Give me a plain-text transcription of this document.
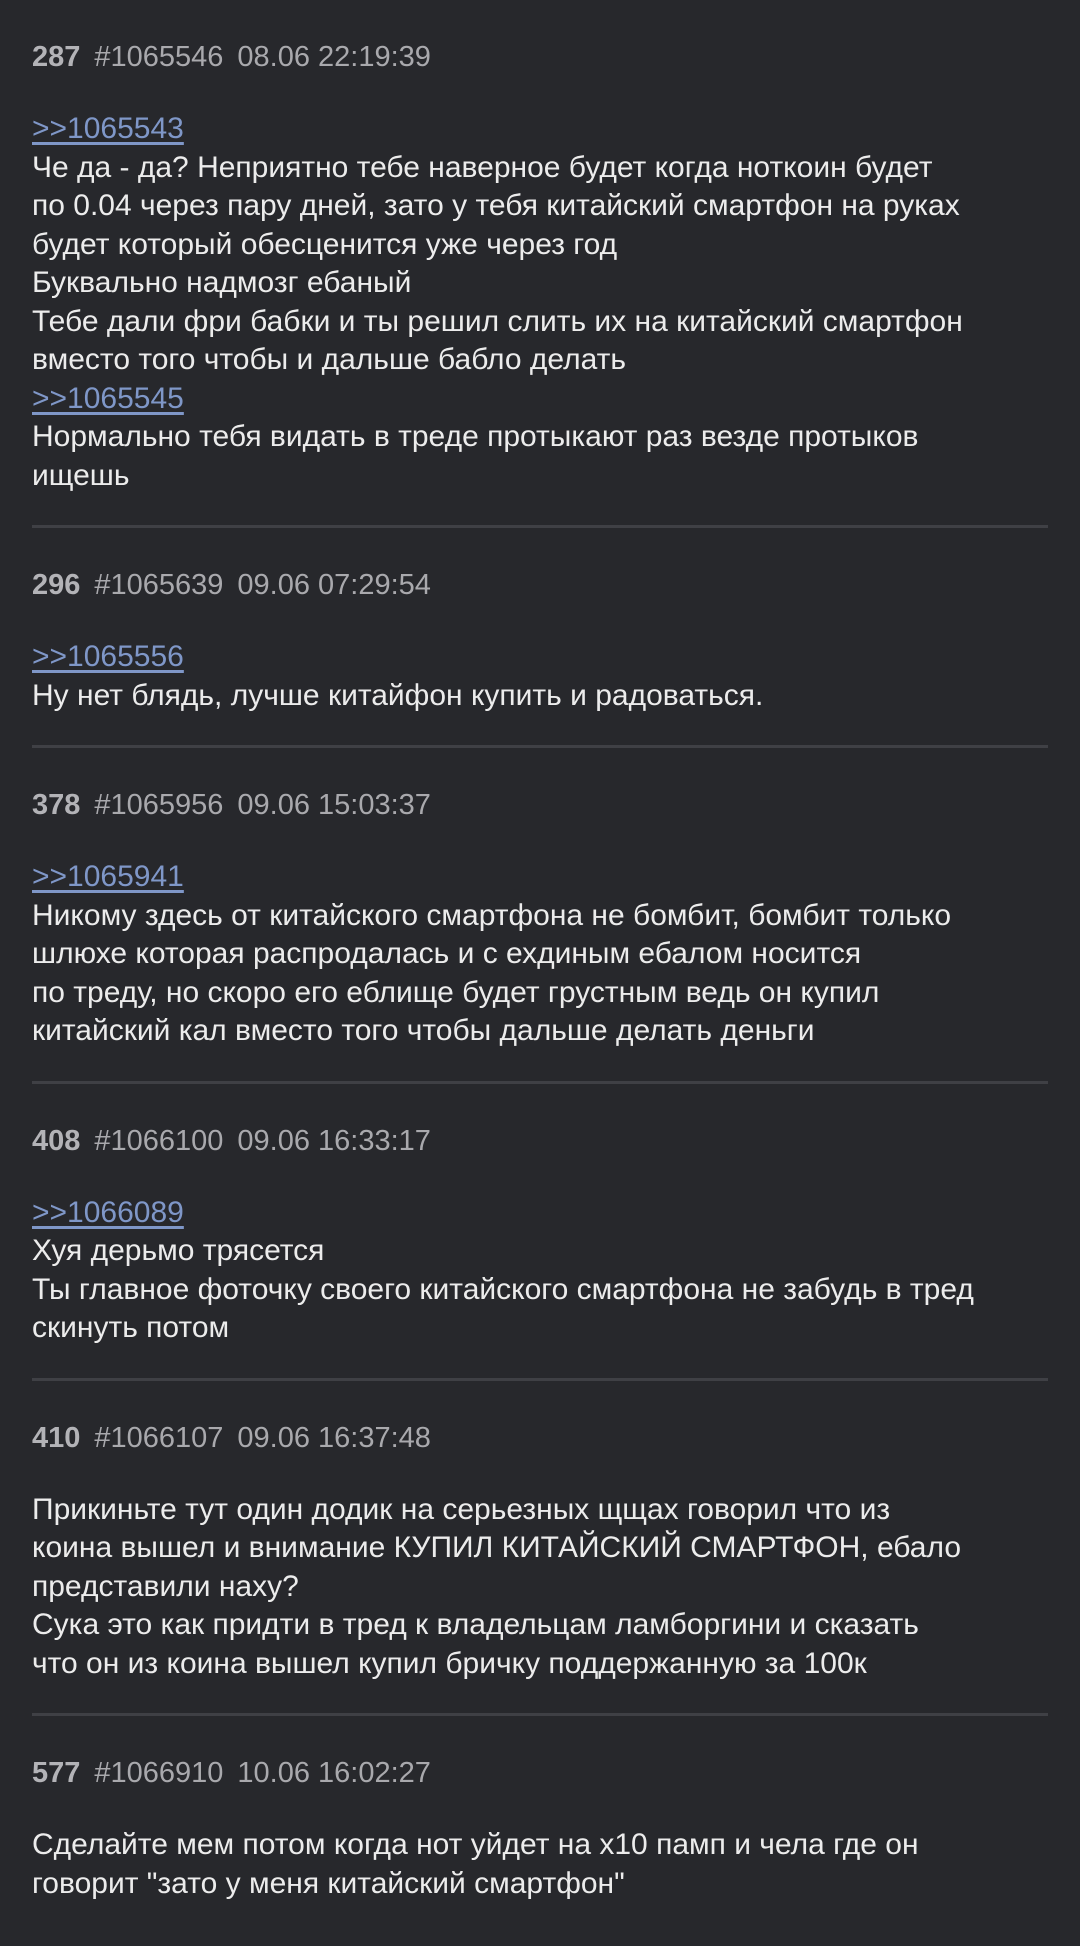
287 #1065546 08.06 22:19:39
>>1065543
Че да - да? Неприятно тебе наверное будет когда ноткоин будет
по 0.04 через пару дней, зато у тебя китайский смартфон на руках
будет который обесценится уже через год
Буквально надмозг ебаный
Тебе дали фри бабки и ты решил слить их на китайский смартфон
вместо того чтобы и дальше бабло делать
>>1065545
Нормально тебя видать в треде протыкают раз везде протыков
ищешь
296 #1065639 09.06 07:29:54
>>1065556
Ну нет блядь, лучше китайфон купить и радоваться.
378 #1065956 09.06 15:03:37
>>1065941
Никому здесь от китайского смартфона не бомбит, бомбит только
шлюхе которая распродалась и с ехдиным ебалом носится
по треду, но скоро его еблище будет грустным ведь он купил
китайский кал вместо того чтобы дальше делать деньги
408 #1066100 09.06 16:33:17
>>1066089
Хуя дерьмо трясется
Ты главное фоточку своего китайского смартфона не забудь в тред
скинуть потом
410 #1066107 09.06 16:37:48
Прикиньте тут один додик на серьезных щщах говорил что из
коина вышел и внимание КУПИЛ КИТАЙСКИЙ СМАРТФОН, ебало
представили наху?
Сука это как придти в тред к владельцам ламборгини и сказать
что он из коина вышел купил бричку поддержанную за 100к
577 #1066910 10.06 16:02:27
Сделайте мем потом когда нот уйдет на x10 памп и чела где он
говорит "зато у меня китайский смартфон"
